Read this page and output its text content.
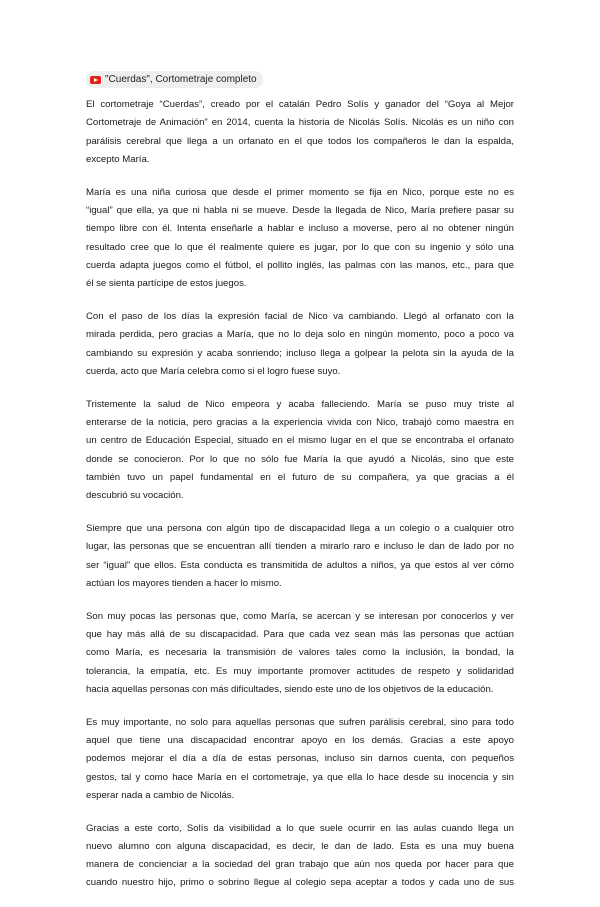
"Cuerdas", Cortometraje completo
El cortometraje “Cuerdas”, creado por el catalán Pedro Solís y ganador del “Goya al Mejor
Cortometraje de Animación” en 2014, cuenta la historia de Nicolás Solís. Nicolás es un niño con
parálisis cerebral que llega a un orfanato en el que todos los compañeros le dan la espalda,
excepto María.
María es una niña curiosa que desde el primer momento se fija en Nico, porque este no es
“igual” que ella, ya que ni habla ni se mueve. Desde la llegada de Nico, María prefiere pasar su
tiempo libre con él. Intenta enseñarle a hablar e incluso a moverse, pero al no obtener ningún
resultado cree que lo que él realmente quiere es jugar, por lo que con su ingenio y sólo una
cuerda adapta juegos como el fútbol, el pollito inglés, las palmas con las manos, etc., para que
él se sienta partícipe de estos juegos.
Con el paso de los días la expresión facial de Nico va cambiando. Llegó al orfanato con la
mirada perdida, pero gracias a María, que no lo deja solo en ningún momento, poco a poco va
cambiando su expresión y acaba sonriendo; incluso llega a golpear la pelota sin la ayuda de la
cuerda, acto que María celebra como si el logro fuese suyo.
Tristemente la salud de Nico empeora y acaba falleciendo. María se puso muy triste al
enterarse de la noticia, pero gracias a la experiencia vivida con Nico, trabajó como maestra en
un centro de Educación Especial, situado en el mismo lugar en el que se encontraba el orfanato
donde se conocieron. Por lo que no sólo fue María la que ayudó a Nicolás, sino que este
también tuvo un papel fundamental en el futuro de su compañera, ya que gracias a él
descubrió su vocación.
Siempre que una persona con algún tipo de discapacidad llega a un colegio o a cualquier otro
lugar, las personas que se encuentran allí tienden a mirarlo raro e incluso le dan de lado por no
ser “igual” que ellos. Esta conducta es transmitida de adultos a niños, ya que estos al ver cómo
actúan los mayores tienden a hacer lo mismo.
Son muy pocas las personas que, como María, se acercan y se interesan por conocerlos y ver
que hay más allá de su discapacidad. Para que cada vez sean más las personas que actúan
como María, es necesaria la transmisión de valores tales como la inclusión, la bondad, la
tolerancia, la empatía, etc. Es muy importante promover actitudes de respeto y solidaridad
hacia aquellas personas con más dificultades, siendo este uno de los objetivos de la educación.
Es muy importante, no solo para aquellas personas que sufren parálisis cerebral, sino para todo
aquel que tiene una discapacidad encontrar apoyo en los demás. Gracias a este apoyo
podemos mejorar el día a día de estas personas, incluso sin darnos cuenta, con pequeños
gestos, tal y como hace María en el cortometraje, ya que ella lo hace desde su inocencia y sin
esperar nada a cambio de Nicolás.
Gracias a este corto, Solís da visibilidad a lo que suele ocurrir en las aulas cuando llega un
nuevo alumno con alguna discapacidad, es decir, le dan de lado. Esta es una muy buena
manera de concienciar a la sociedad del gran trabajo que aún nos queda por hacer para que
cuando nuestro hijo, primo o sobrino llegue al colegio sepa aceptar a todos y cada uno de sus
